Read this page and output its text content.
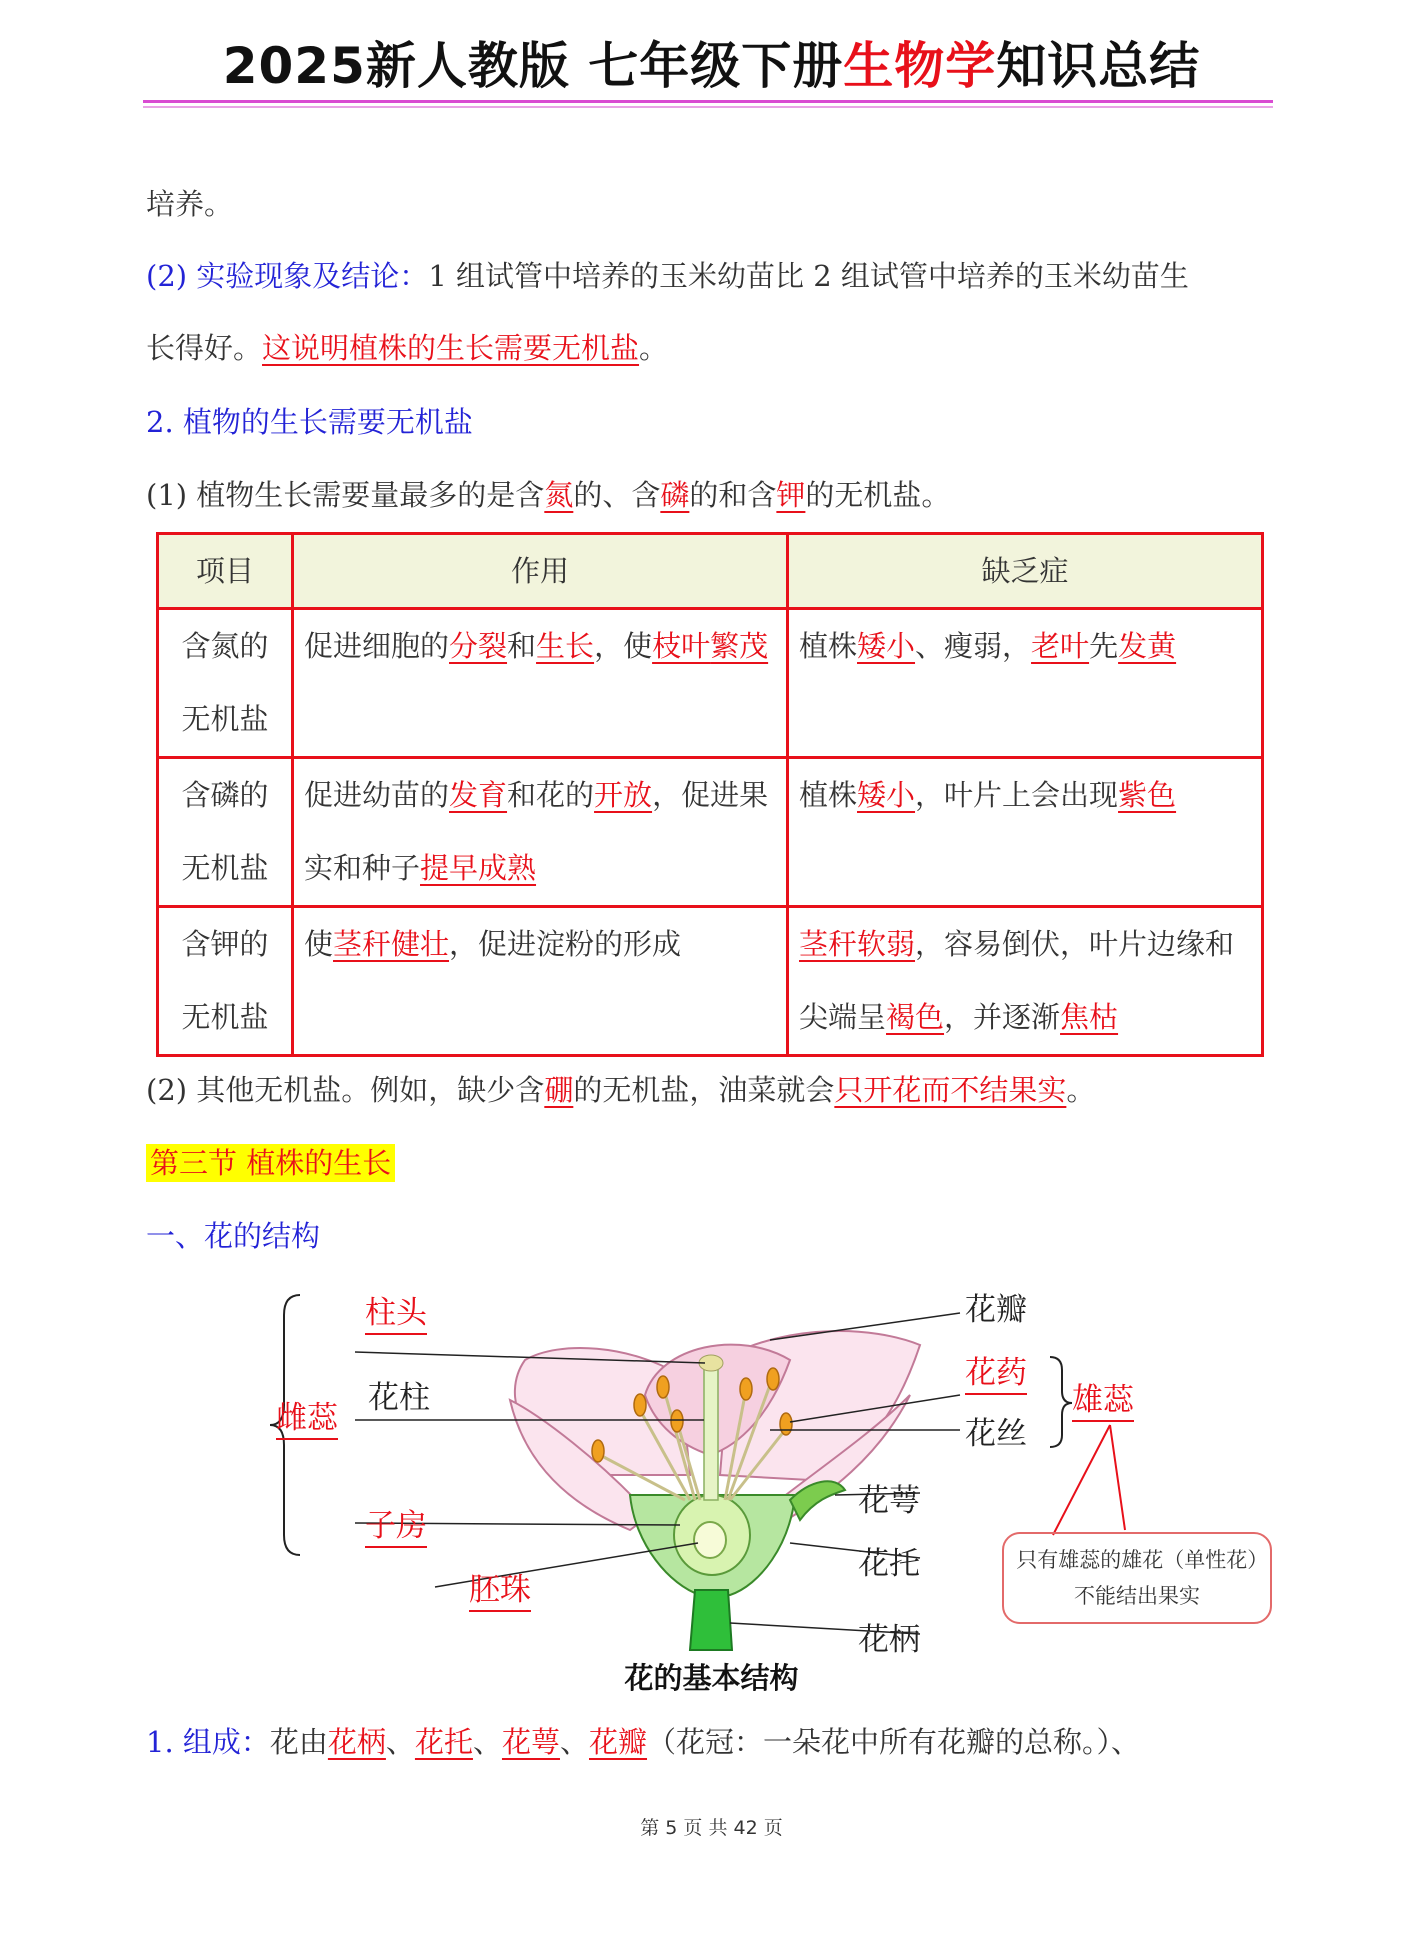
2025新人教版 七年级下册生物学知识总结
培养。
(2) 实验现象及结论：1 组试管中培养的玉米幼苗比 2 组试管中培养的玉米幼苗生
长得好。这说明植株的生长需要无机盐。
2. 植物的生长需要无机盐
(1) 植物生长需要量最多的是含氮的、含磷的和含钾的无机盐。
项目	作用	缺乏症

含氮的
无机盐	促进细胞的分裂和生长，使枝叶繁茂	植株矮小、瘦弱，老叶先发黄

含磷的
无机盐	促进幼苗的发育和花的开放，促进果实和种子提早成熟	植株矮小，叶片上会出现紫色

含钾的
无机盐	使茎秆健壮，促进淀粉的形成	茎秆软弱，容易倒伏，叶片边缘和尖端呈褐色，并逐渐焦枯
(2) 其他无机盐。例如，缺少含硼的无机盐，油菜就会只开花而不结果实。
第三节 植株的生长
一、花的结构
柱头
花柱
雌蕊
子房
胚珠
花瓣
花药
花丝
雄蕊
花萼
花托
花柄
只有雄蕊的雄花（单性花）不能结出果实
花的基本结构
1. 组成：花由花柄、花托、花萼、花瓣（花冠：一朵花中所有花瓣的总称。）、
第 5 页 共 42 页
